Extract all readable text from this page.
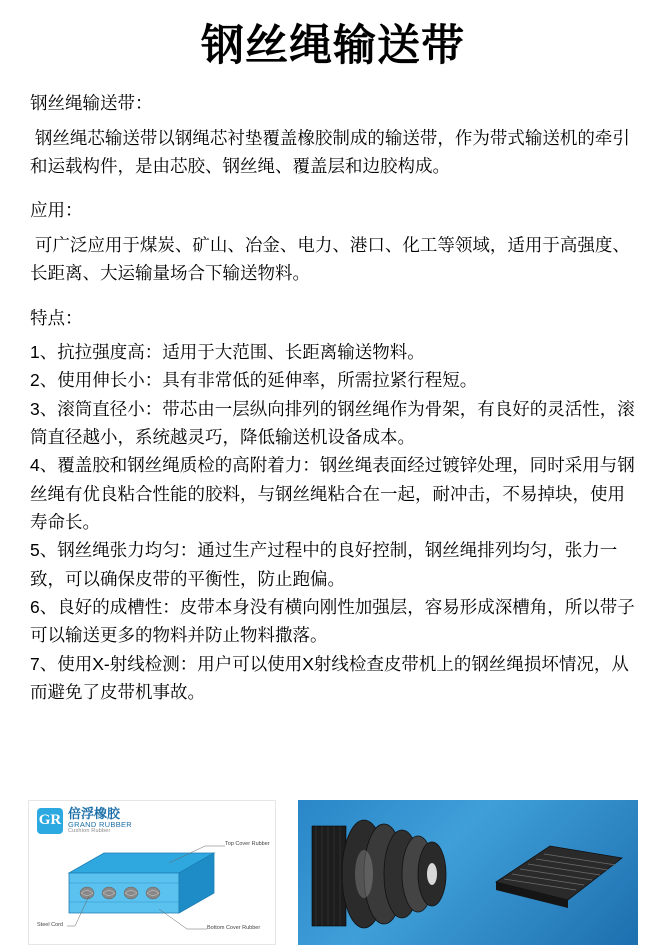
钢丝绳输送带

钢丝绳输送带：

钢丝绳芯输送带以钢绳芯衬垫覆盖橡胶制成的输送带，作为带式输送机的牵引和运载构件，是由芯胶、钢丝绳、覆盖层和边胶构成。

应用：

可广泛应用于煤炭、矿山、冶金、电力、港口、化工等领域，适用于高强度、长距离、大运输量场合下输送物料。

特点：

1、抗拉强度高：适用于大范围、长距离输送物料。

2、使用伸长小：具有非常低的延伸率，所需拉紧行程短。

3、滚筒直径小：带芯由一层纵向排列的钢丝绳作为骨架，有良好的灵活性，滚筒直径越小，系统越灵巧，降低输送机设备成本。

4、覆盖胶和钢丝绳质检的高附着力：钢丝绳表面经过镀锌处理，同时采用与钢丝绳有优良粘合性能的胶料，与钢丝绳粘合在一起，耐冲击，不易掉块，使用寿命长。

5、钢丝绳张力均匀：通过生产过程中的良好控制，钢丝绳排列均匀，张力一致，可以确保皮带的平衡性，防止跑偏。

6、良好的成槽性：皮带本身没有横向刚性加强层，容易形成深槽角，所以带子可以输送更多的物料并防止物料撒落。

7、使用X-射线检测：用户可以使用X射线检查皮带机上的钢丝绳损坏情况，从而避免了皮带机事故。

GR 倍浮橡胶
GRAND RUBBER
Cushion Rubber
Top Cover Rubber
Steel Cord	Bottom Cover Rubber
